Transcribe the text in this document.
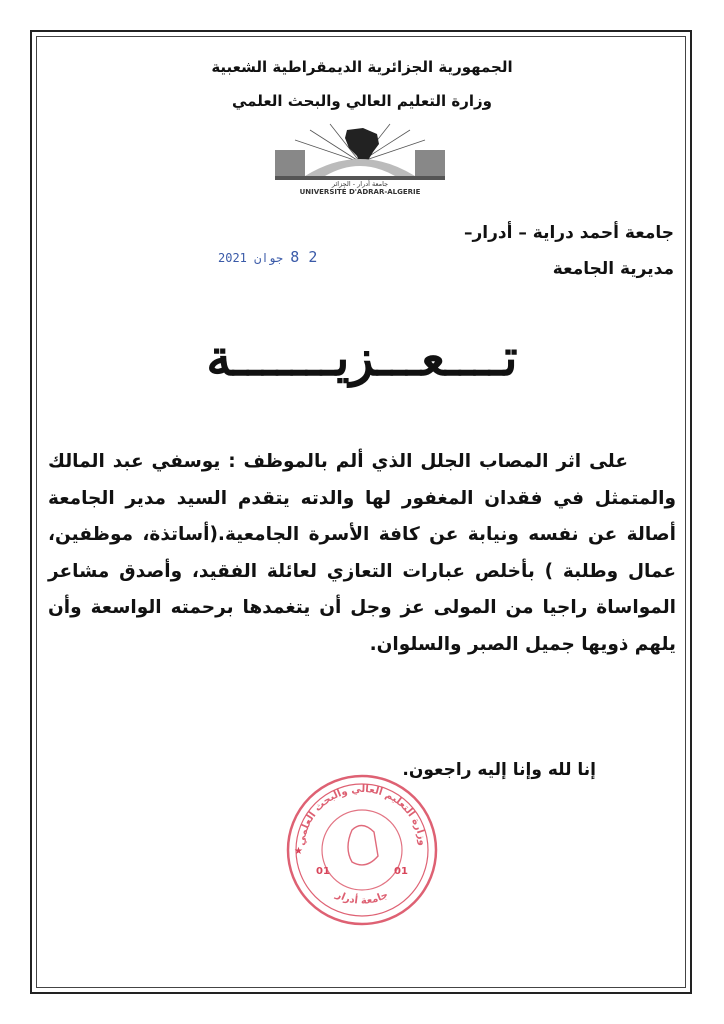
الجمهورية الجزائرية الديمقراطية الشعبية
وزارة التعليم العالي والبحث العلمي
جامعة أدرار - الجزائر
UNIVERSITÉ D'ADRAR-ALGERIE
جامعة أحمد دراية – أدرار–
2 8 جوان 2021
مديرية الجامعة
تــــعـــزيـــــــة

على اثر المصاب الجلل الذي ألم بالموظف : يوسفي عبد المالك والمتمثل في فقدان المغفور لها والدته يتقدم السيد مدير الجامعة أصالة عن نفسه ونيابة عن كافة الأسرة الجامعية.(أساتذة، موظفين، عمال وطلبة ) بأخلص عبارات التعازي لعائلة الفقيد، وأصدق مشاعر المواساة راجيا من المولى عز وجل أن يتغمدها برحمته الواسعة وأن يلهم ذويها جميل الصبر والسلوان.

إنا لله وإنا إليه راجعون.
وزارة التعليم العالي والبحث العلمي
جامعة أدرار
01	01
★
